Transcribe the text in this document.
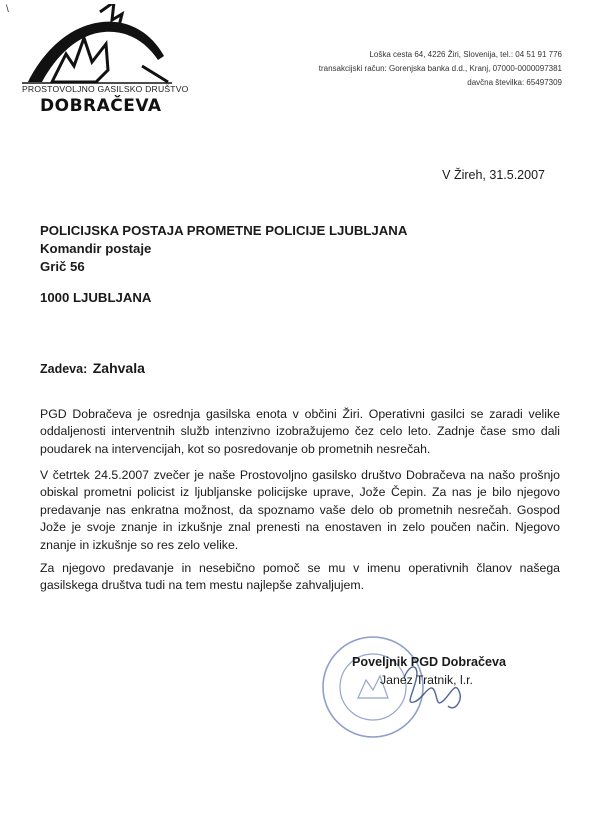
\
PROSTOVOLJNO GASILSKO DRUŠTVO
DOBRAČEVA
Loška cesta 64, 4226 Žiri, Slovenija, tel.: 04 51 91 776
transakcijski račun: Gorenjska banka d.d., Kranj, 07000-0000097381
davčna številka: 65497309
V Žireh, 31.5.2007
POLICIJSKA POSTAJA PROMETNE POLICIJE LJUBLJANA
Komandir postaje
Grič 56
1000 LJUBLJANA
Zadeva: Zahvala
PGD Dobračeva je osrednja gasilska enota v občini Žiri. Operativni gasilci se zaradi velike oddaljenosti interventnih služb intenzivno izobražujemo čez celo leto. Zadnje čase smo dali poudarek na intervencijah, kot so posredovanje ob prometnih nesrečah.
V četrtek 24.5.2007 zvečer je naše Prostovoljno gasilsko društvo Dobračeva na našo prošnjo obiskal prometni policist iz ljubljanske policijske uprave, Jože Čepin. Za nas je bilo njegovo predavanje nas enkratna možnost, da spoznamo vaše delo ob prometnih nesrečah. Gospod Jože je svoje znanje in izkušnje znal prenesti na enostaven in zelo poučen način. Njegovo znanje in izkušnje so res zelo velike.
Za njegovo predavanje in nesebično pomoč se mu v imenu operativnih članov našega gasilskega društva tudi na tem mestu najlepše zahvaljujem.
Poveljnik PGD Dobračeva
Janez Tratnik, l.r.
